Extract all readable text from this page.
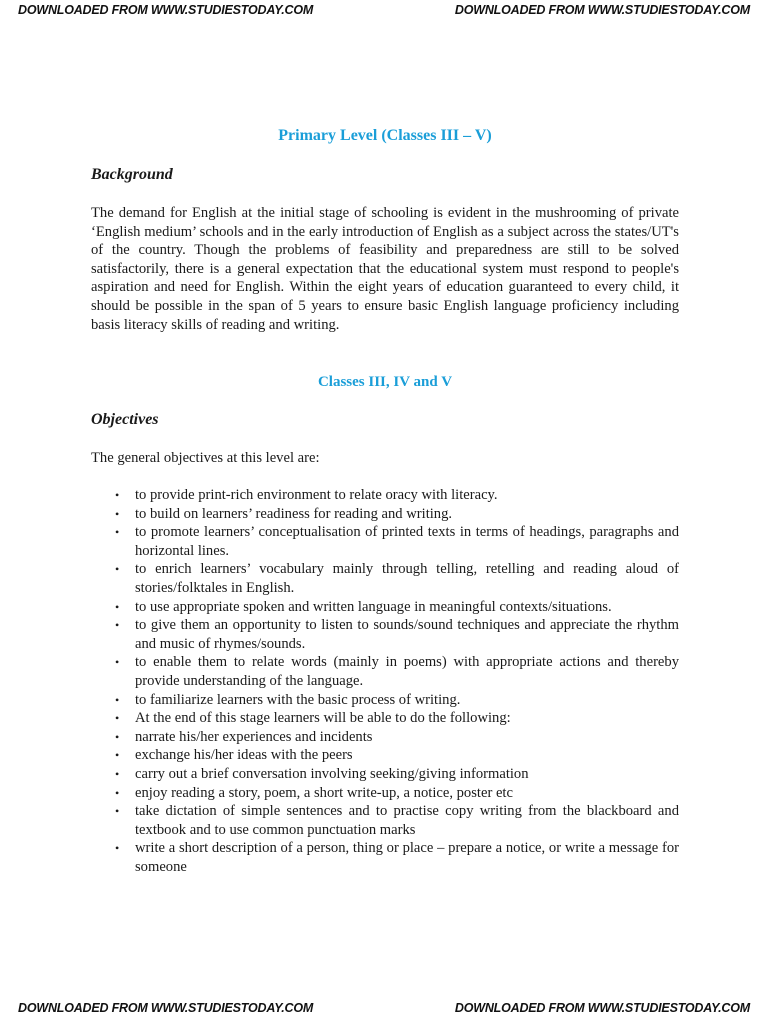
DOWNLOADED FROM WWW.STUDIESTODAY.COM	DOWNLOADED FROM WWW.STUDIESTODAY.COM
Primary Level (Classes III – V)
Background

The demand for English at the initial stage of schooling is evident in the mushrooming of private ‘English medium’ schools and in the early introduction of English as a subject across the states/UT's of the country. Though the problems of feasibility and preparedness are still to be solved satisfactorily, there is a general expectation that the educational system must respond to people's aspiration and need for English. Within the eight years of education guaranteed to every child, it should be possible in the span of 5 years to ensure basic English language proficiency including basis literacy skills of reading and writing.

Classes III, IV and V
Objectives

The general objectives at this level are:

• to provide print-rich environment to relate oracy with literacy.
• to build on learners’ readiness for reading and writing.
• to promote learners’ conceptualisation of printed texts in terms of headings, paragraphs and horizontal lines.
• to enrich learners’ vocabulary mainly through telling, retelling and reading aloud of stories/folktales in English.
• to use appropriate spoken and written language in meaningful contexts/situations.
• to give them an opportunity to listen to sounds/sound techniques and appreciate the rhythm and music of rhymes/sounds.
• to enable them to relate words (mainly in poems) with appropriate actions and thereby provide understanding of the language.
• to familiarize learners with the basic process of writing.
• At the end of this stage learners will be able to do the following:
• narrate his/her experiences and incidents
• exchange his/her ideas with the peers
• carry out a brief conversation involving seeking/giving information
• enjoy reading a story, poem, a short write-up, a notice, poster etc
• take dictation of simple sentences and to practise copy writing from the blackboard and textbook and to use common punctuation marks
• write a short description of a person, thing or place – prepare a notice, or write a message for someone
DOWNLOADED FROM WWW.STUDIESTODAY.COM	DOWNLOADED FROM WWW.STUDIESTODAY.COM
